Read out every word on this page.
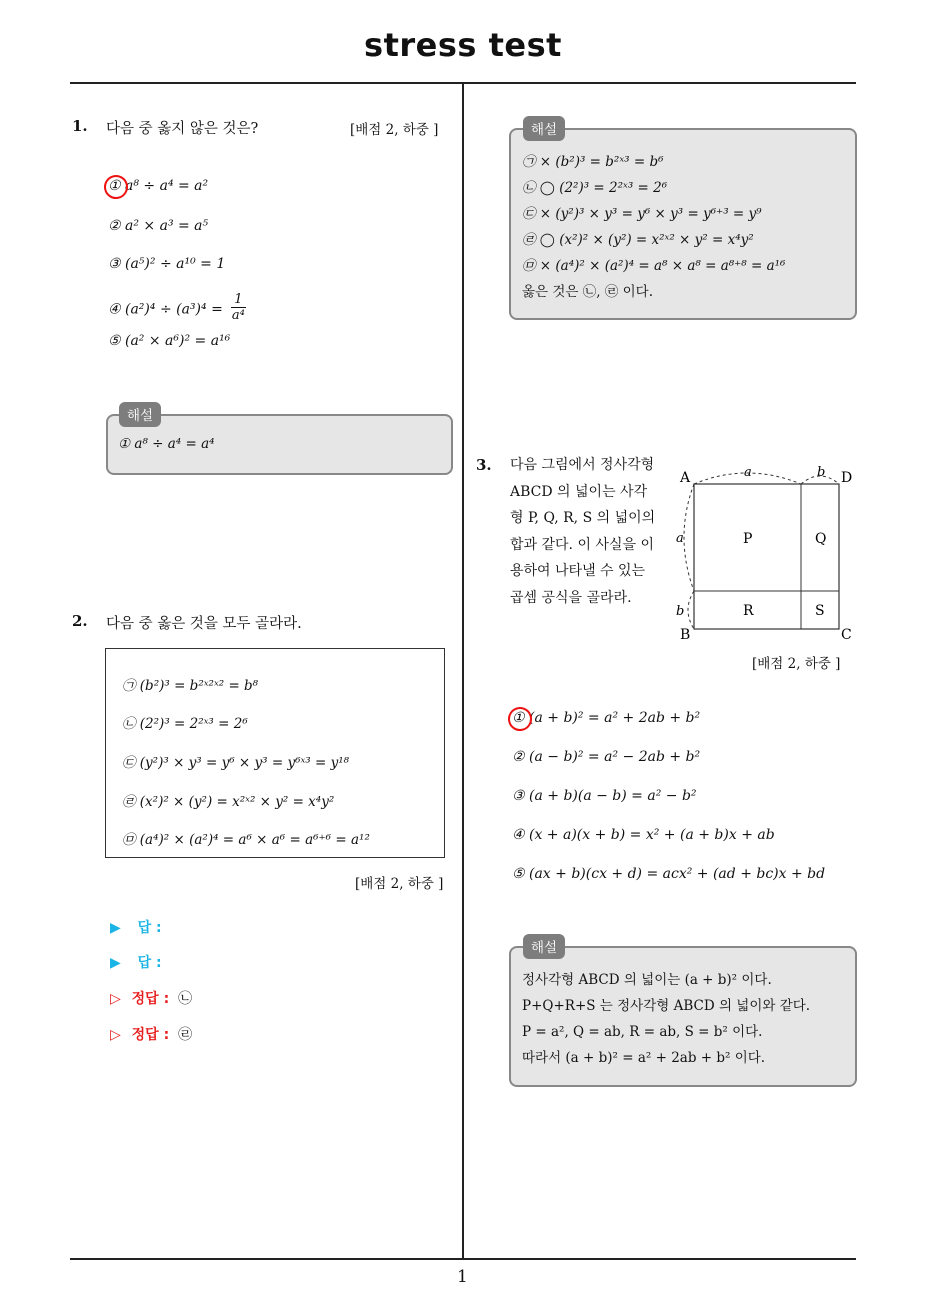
stress test
1
1. 다음 중 옳지 않은 것은?	[배점 2, 하중 ]
① a⁸ ÷ a⁴ = a²
② a² × a³ = a⁵
③ (a⁵)² ÷ a¹⁰ = 1
④ $(a^2)^4 \div (a^3)^4 = \frac{1}{\text{a⁴}}$
⑤ (a² × a⁶)² = a¹⁶
해설
① a⁸ ÷ a⁴ = a⁴
2. 다음 중 옳은 것을 모두 골라라.
㉠ (b²)³ = b²ˣ²ˣ² = b⁸
㉡ (2²)³ = 2²ˣ³ = 2⁶
㉢ (y²)³ × y³ = y⁶ × y³ = y⁶ˣ³ = y¹⁸
㉣ (x²)² × (y²) = x²ˣ² × y² = x⁴y²
㉤ (a⁴)² × (a²)⁴ = a⁶ × a⁶ = a⁶⁺⁶ = a¹²
[배점 2, 하중 ]
▶ 답 :
▶ 답 :
▷ 정답 : ㉡
▷ 정답 : ㉣
해설
㉠ × (b²)³ = b²ˣ³ = b⁶
㉡ ◯ (2²)³ = 2²ˣ³ = 2⁶
㉢ × (y²)³ × y³ = y⁶ × y³ = y⁶⁺³ = y⁹
㉣ ◯ (x²)² × (y²) = x²ˣ² × y² = x⁴y²
㉤ × (a⁴)² × (a²)⁴ = a⁸ × a⁸ = a⁸⁺⁸ = a¹⁶
옳은 것은 ㉡, ㉣ 이다.
3. 다음 그림에서 정사각형 ABCD 의 넓이는 사각형 P, Q, R, S 의 넓이의 합과 같다. 이 사실을 이용하여 나타낼 수 있는 곱셈 공식을 골라라.
A	D
B	C
P	Q
R	S
a	b
a
b
[배점 2, 하중 ]
① (a + b)² = a² + 2ab + b²
② (a − b)² = a² − 2ab + b²
③ (a + b)(a − b) = a² − b²
④ (x + a)(x + b) = x² + (a + b)x + ab
⑤ (ax + b)(cx + d) = acx² + (ad + bc)x + bd
해설
정사각형 ABCD 의 넓이는 (a + b)² 이다.
P+Q+R+S 는 정사각형 ABCD 의 넓이와 같다.
P = a², Q = ab, R = ab, S = b² 이다.
따라서 (a + b)² = a² + 2ab + b² 이다.
